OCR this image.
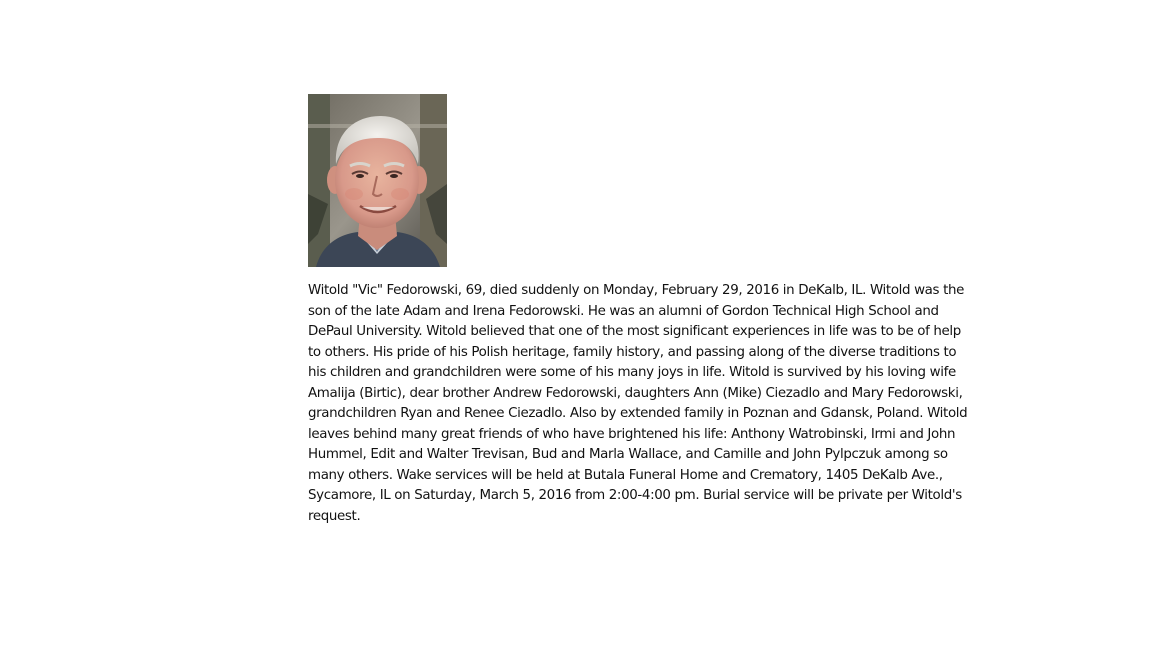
Witold "Vic" Fedorowski, 69, died suddenly on Monday, February 29, 2016 in DeKalb, IL. Witold was the son of the late Adam and Irena Fedorowski. He was an alumni of Gordon Technical High School and DePaul University. Witold believed that one of the most significant experiences in life was to be of help to others. His pride of his Polish heritage, family history, and passing along of the diverse traditions to his children and grandchildren were some of his many joys in life. Witold is survived by his loving wife Amalija (Birtic), dear brother Andrew Fedorowski, daughters Ann (Mike) Ciezadlo and Mary Fedorowski, grandchildren Ryan and Renee Ciezadlo. Also by extended family in Poznan and Gdansk, Poland. Witold leaves behind many great friends of who have brightened his life: Anthony Watrobinski, Irmi and John Hummel, Edit and Walter Trevisan, Bud and Marla Wallace, and Camille and John Pylpczuk among so many others. Wake services will be held at Butala Funeral Home and Crematory, 1405 DeKalb Ave., Sycamore, IL on Saturday, March 5, 2016 from 2:00-4:00 pm. Burial service will be private per Witold's request.
